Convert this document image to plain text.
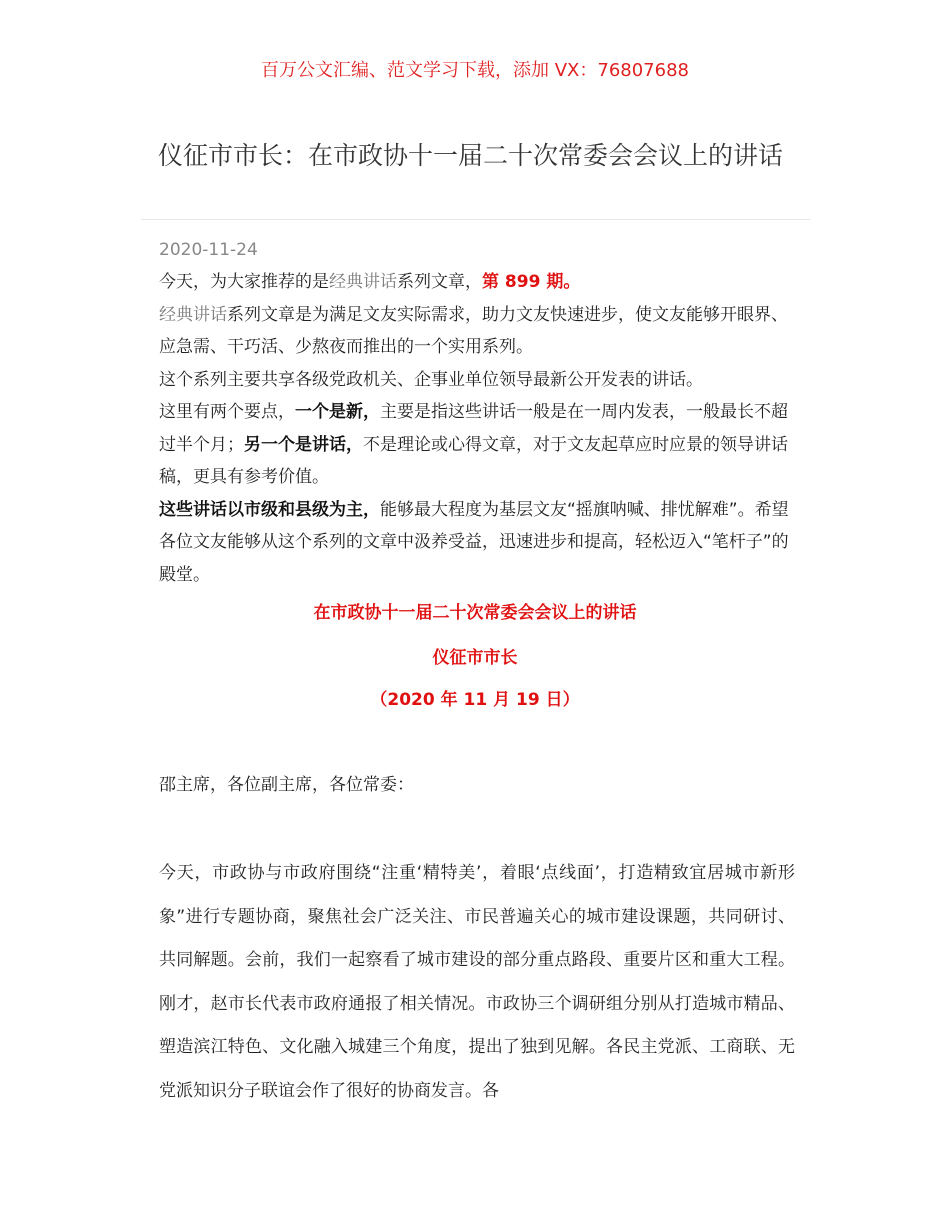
百万公文汇编、范文学习下载，添加 VX：76807688
仪征市市长：在市政协十一届二十次常委会会议上的讲话
2020-11-24

今天，为大家推荐的是经典讲话系列文章，第 899 期。

经典讲话系列文章是为满足文友实际需求，助力文友快速进步，使文友能够开眼界、应急需、干巧活、少熬夜而推出的一个实用系列。

这个系列主要共享各级党政机关、企事业单位领导最新公开发表的讲话。

这里有两个要点，一个是新，主要是指这些讲话一般是在一周内发表，一般最长不超过半个月；另一个是讲话，不是理论或心得文章，对于文友起草应时应景的领导讲话稿，更具有参考价值。

这些讲话以市级和县级为主，能够最大程度为基层文友“摇旗呐喊、排忧解难”。希望各位文友能够从这个系列的文章中汲养受益，迅速进步和提高，轻松迈入“笔杆子”的殿堂。

在市政协十一届二十次常委会会议上的讲话
仪征市市长
（2020 年 11 月 19 日）
邵主席，各位副主席，各位常委：

今天，市政协与市政府围绕“注重‘精特美’，着眼‘点线面’，打造精致宜居城市新形象”进行专题协商，聚焦社会广泛关注、市民普遍关心的城市建设课题，共同研讨、共同解题。会前，我们一起察看了城市建设的部分重点路段、重要片区和重大工程。刚才，赵市长代表市政府通报了相关情况。市政协三个调研组分别从打造城市精品、塑造滨江特色、文化融入城建三个角度，提出了独到见解。各民主党派、工商联、无党派知识分子联谊会作了很好的协商发言。各
